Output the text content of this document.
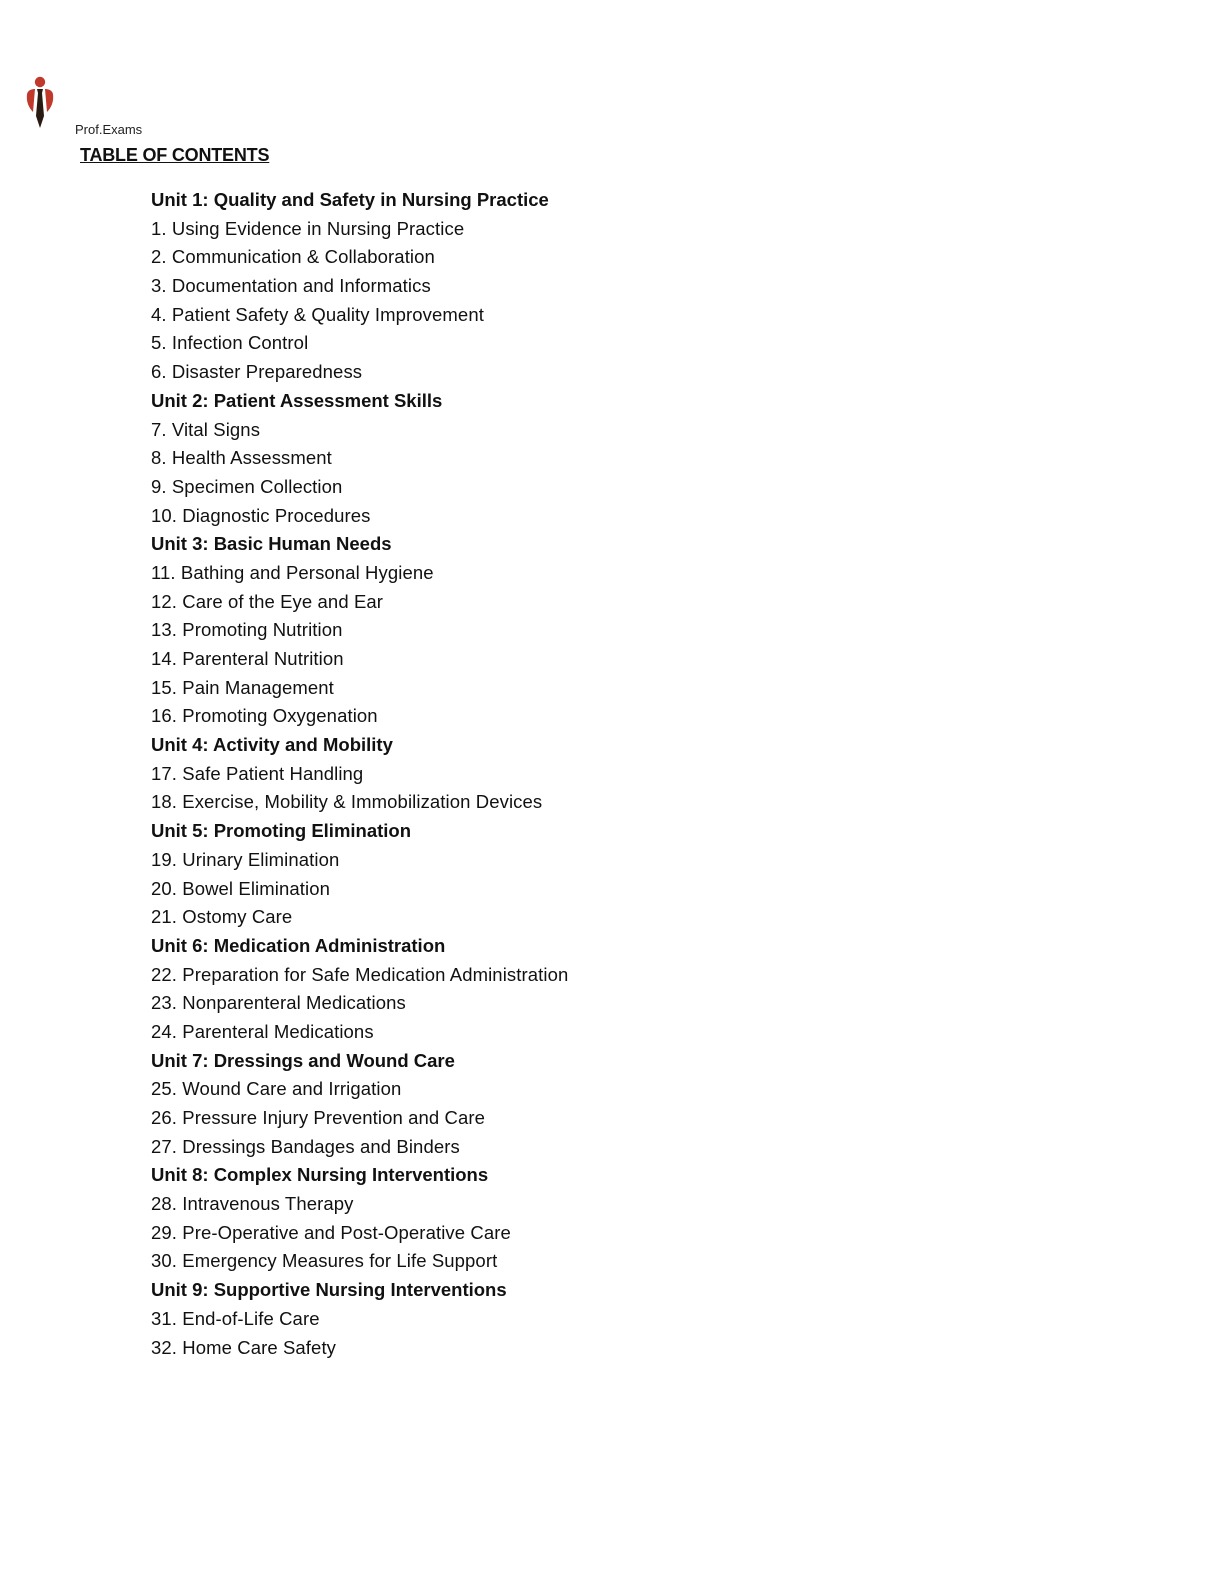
Prof.Exams
TABLE OF CONTENTS
Unit 1: Quality and Safety in Nursing Practice
1. Using Evidence in Nursing Practice
2. Communication & Collaboration
3. Documentation and Informatics
4. Patient Safety & Quality Improvement
5. Infection Control
6. Disaster Preparedness
Unit 2: Patient Assessment Skills
7. Vital Signs
8. Health Assessment
9. Specimen Collection
10. Diagnostic Procedures
Unit 3: Basic Human Needs
11. Bathing and Personal Hygiene
12. Care of the Eye and Ear
13. Promoting Nutrition
14. Parenteral Nutrition
15. Pain Management
16. Promoting Oxygenation
Unit 4: Activity and Mobility
17. Safe Patient Handling
18. Exercise, Mobility & Immobilization Devices
Unit 5: Promoting Elimination
19. Urinary Elimination
20. Bowel Elimination
21. Ostomy Care
Unit 6: Medication Administration
22. Preparation for Safe Medication Administration
23. Nonparenteral Medications
24. Parenteral Medications
Unit 7: Dressings and Wound Care
25. Wound Care and Irrigation
26. Pressure Injury Prevention and Care
27. Dressings Bandages and Binders
Unit 8: Complex Nursing Interventions
28. Intravenous Therapy
29. Pre-Operative and Post-Operative Care
30. Emergency Measures for Life Support
Unit 9: Supportive Nursing Interventions
31. End-of-Life Care
32. Home Care Safety
